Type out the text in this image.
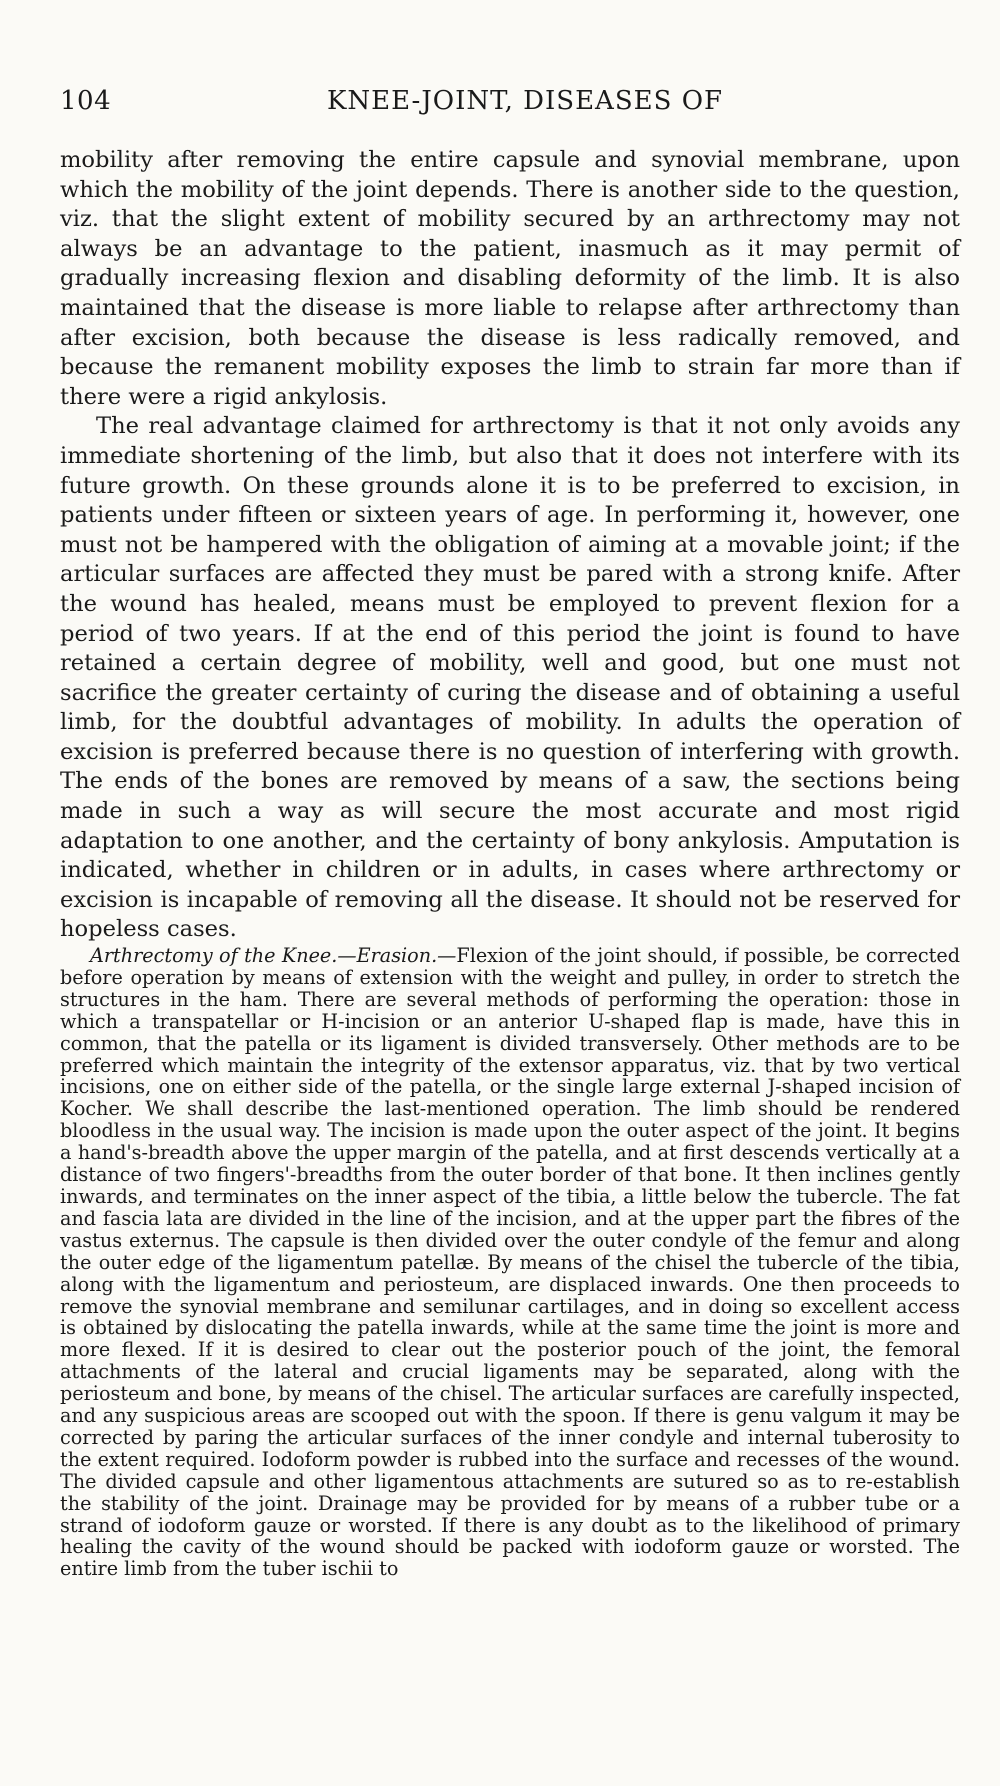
104	KNEE-JOINT, DISEASES OF

mobility after removing the entire capsule and synovial membrane, upon which the mobility of the joint depends. There is another side to the question, viz. that the slight extent of mobility secured by an arthrectomy may not always be an advantage to the patient, inasmuch as it may permit of gradually increasing flexion and disabling deformity of the limb. It is also maintained that the disease is more liable to relapse after arthrectomy than after excision, both because the disease is less radically removed, and because the remanent mobility exposes the limb to strain far more than if there were a rigid ankylosis.

The real advantage claimed for arthrectomy is that it not only avoids any immediate shortening of the limb, but also that it does not interfere with its future growth. On these grounds alone it is to be preferred to excision, in patients under fifteen or sixteen years of age. In performing it, however, one must not be hampered with the obligation of aiming at a movable joint; if the articular surfaces are affected they must be pared with a strong knife. After the wound has healed, means must be employed to prevent flexion for a period of two years. If at the end of this period the joint is found to have retained a certain degree of mobility, well and good, but one must not sacrifice the greater certainty of curing the disease and of obtaining a useful limb, for the doubtful advantages of mobility. In adults the operation of excision is preferred because there is no question of interfering with growth. The ends of the bones are removed by means of a saw, the sections being made in such a way as will secure the most accurate and most rigid adaptation to one another, and the certainty of bony ankylosis. Amputation is indicated, whether in children or in adults, in cases where arthrectomy or excision is incapable of removing all the disease. It should not be reserved for hopeless cases.

Arthrectomy of the Knee.—Erasion.—Flexion of the joint should, if possible, be corrected before operation by means of extension with the weight and pulley, in order to stretch the structures in the ham. There are several methods of performing the operation: those in which a transpatellar or H-incision or an anterior U-shaped flap is made, have this in common, that the patella or its ligament is divided transversely. Other methods are to be preferred which maintain the integrity of the extensor apparatus, viz. that by two vertical incisions, one on either side of the patella, or the single large external J-shaped incision of Kocher. We shall describe the last-mentioned operation. The limb should be rendered bloodless in the usual way. The incision is made upon the outer aspect of the joint. It begins a hand's-breadth above the upper margin of the patella, and at first descends vertically at a distance of two fingers'-breadths from the outer border of that bone. It then inclines gently inwards, and terminates on the inner aspect of the tibia, a little below the tubercle. The fat and fascia lata are divided in the line of the incision, and at the upper part the fibres of the vastus externus. The capsule is then divided over the outer condyle of the femur and along the outer edge of the ligamentum patellæ. By means of the chisel the tubercle of the tibia, along with the ligamentum and periosteum, are displaced inwards. One then proceeds to remove the synovial membrane and semilunar cartilages, and in doing so excellent access is obtained by dislocating the patella inwards, while at the same time the joint is more and more flexed. If it is desired to clear out the posterior pouch of the joint, the femoral attachments of the lateral and crucial ligaments may be separated, along with the periosteum and bone, by means of the chisel. The articular surfaces are carefully inspected, and any suspicious areas are scooped out with the spoon. If there is genu valgum it may be corrected by paring the articular surfaces of the inner condyle and internal tuberosity to the extent required. Iodoform powder is rubbed into the surface and recesses of the wound. The divided capsule and other ligamentous attachments are sutured so as to re-establish the stability of the joint. Drainage may be provided for by means of a rubber tube or a strand of iodoform gauze or worsted. If there is any doubt as to the likelihood of primary healing the cavity of the wound should be packed with iodoform gauze or worsted. The entire limb from the tuber ischii to
